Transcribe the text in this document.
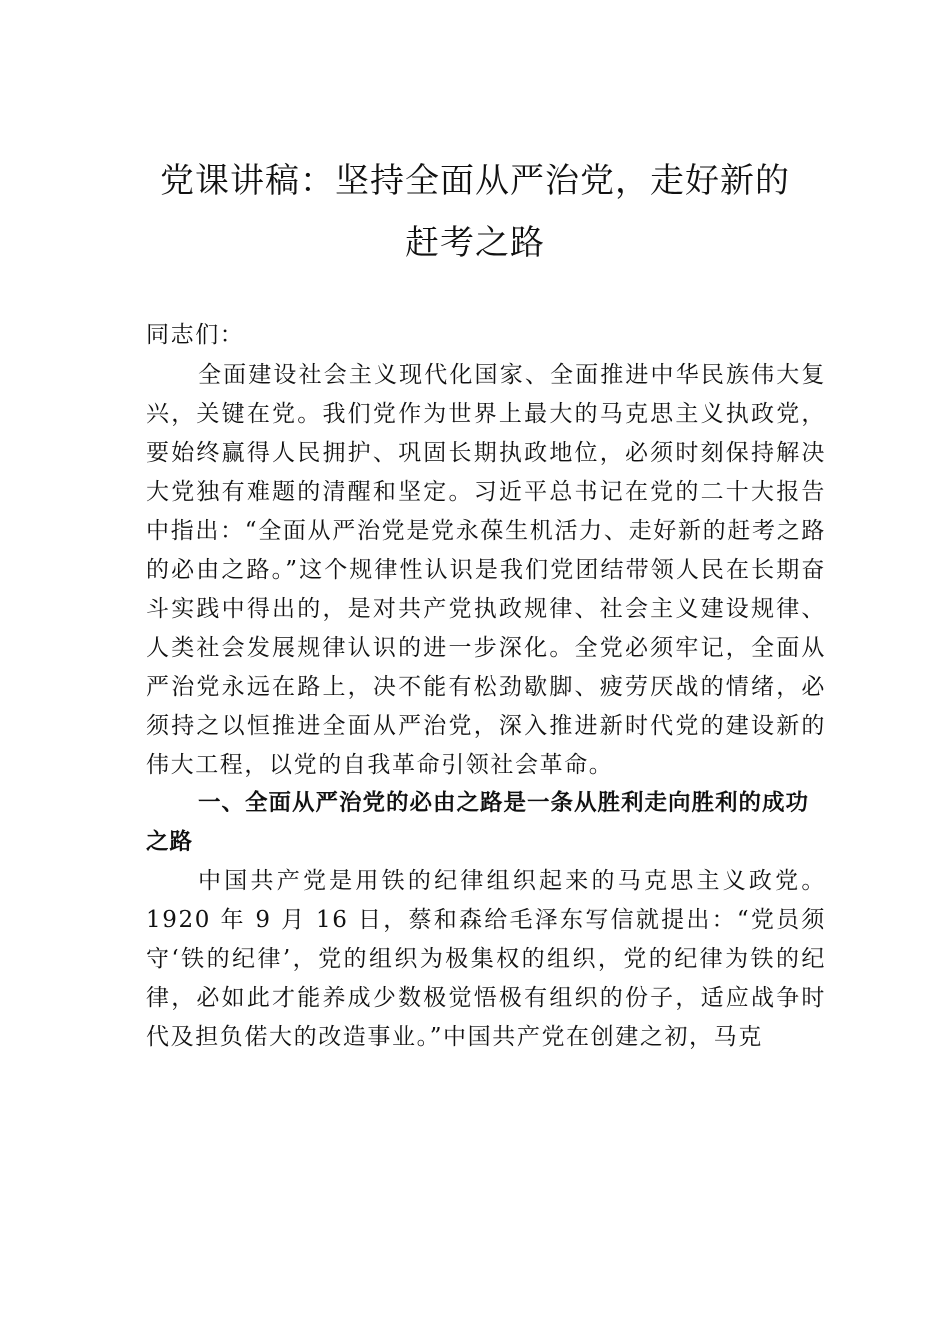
党课讲稿：坚持全面从严治党，走好新的
赶考之路

同志们：

全面建设社会主义现代化国家、全面推进中华民族伟大复兴，关键在党。我们党作为世界上最大的马克思主义执政党，要始终赢得人民拥护、巩固长期执政地位，必须时刻保持解决大党独有难题的清醒和坚定。习近平总书记在党的二十大报告中指出：“全面从严治党是党永葆生机活力、走好新的赶考之路的必由之路。”这个规律性认识是我们党团结带领人民在长期奋斗实践中得出的，是对共产党执政规律、社会主义建设规律、人类社会发展规律认识的进一步深化。全党必须牢记，全面从严治党永远在路上，决不能有松劲歇脚、疲劳厌战的情绪，必须持之以恒推进全面从严治党，深入推进新时代党的建设新的伟大工程，以党的自我革命引领社会革命。

一、全面从严治党的必由之路是一条从胜利走向胜利的成功之路

中国共产党是用铁的纪律组织起来的马克思主义政党。1920 年 9 月 16 日，蔡和森给毛泽东写信就提出：“党员须守‘铁的纪律’，党的组织为极集权的组织，党的纪律为铁的纪律，必如此才能养成少数极觉悟极有组织的份子，适应战争时代及担负偌大的改造事业。”中国共产党在创建之初，马克
